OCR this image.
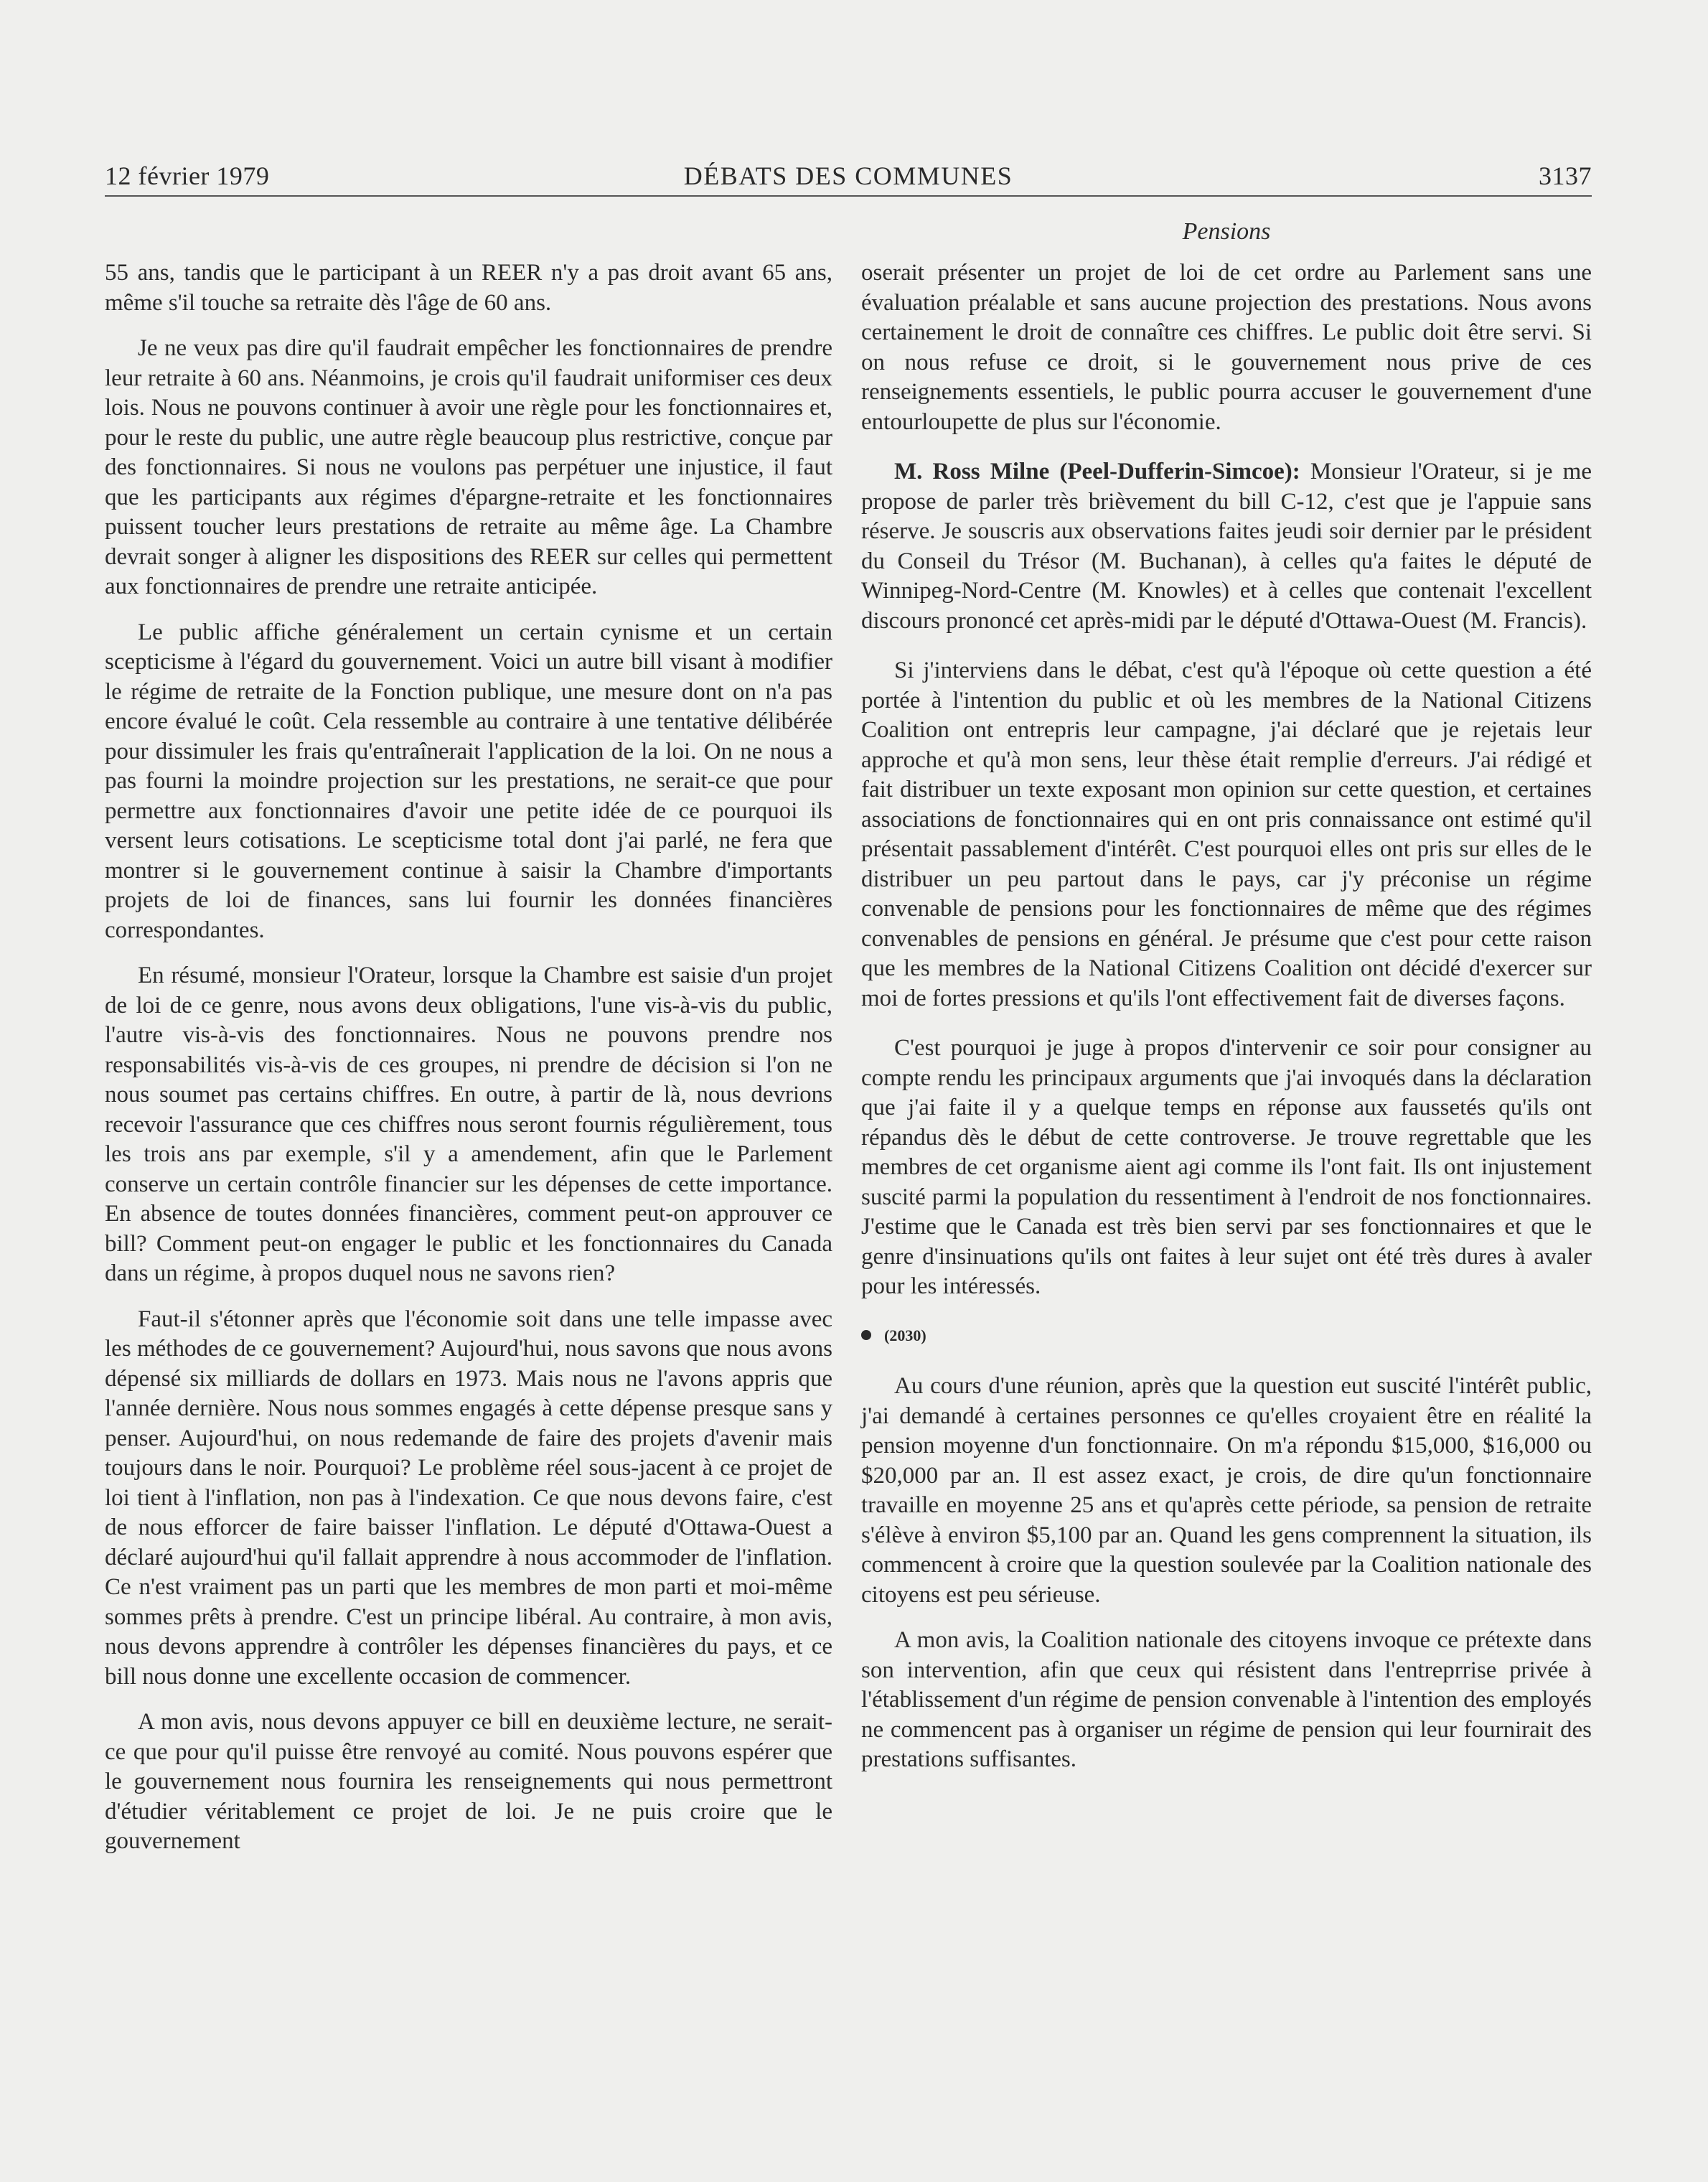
12 février 1979	DÉBATS DES COMMUNES	3137
Pensions

55 ans, tandis que le participant à un REER n'y a pas droit avant 65 ans, même s'il touche sa retraite dès l'âge de 60 ans.

Je ne veux pas dire qu'il faudrait empêcher les fonctionnaires de prendre leur retraite à 60 ans. Néanmoins, je crois qu'il faudrait uniformiser ces deux lois. Nous ne pouvons continuer à avoir une règle pour les fonctionnaires et, pour le reste du public, une autre règle beaucoup plus restrictive, conçue par des fonctionnaires. Si nous ne voulons pas perpétuer une injustice, il faut que les participants aux régimes d'épargne-retraite et les fonctionnaires puissent toucher leurs prestations de retraite au même âge. La Chambre devrait songer à aligner les dispositions des REER sur celles qui permettent aux fonctionnaires de prendre une retraite anticipée.

Le public affiche généralement un certain cynisme et un certain scepticisme à l'égard du gouvernement. Voici un autre bill visant à modifier le régime de retraite de la Fonction publique, une mesure dont on n'a pas encore évalué le coût. Cela ressemble au contraire à une tentative délibérée pour dissimuler les frais qu'entraînerait l'application de la loi. On ne nous a pas fourni la moindre projection sur les prestations, ne serait-ce que pour permettre aux fonctionnaires d'avoir une petite idée de ce pourquoi ils versent leurs cotisations. Le scepticisme total dont j'ai parlé, ne fera que montrer si le gouvernement continue à saisir la Chambre d'importants projets de loi de finances, sans lui fournir les données financières correspondantes.

En résumé, monsieur l'Orateur, lorsque la Chambre est saisie d'un projet de loi de ce genre, nous avons deux obligations, l'une vis-à-vis du public, l'autre vis-à-vis des fonctionnaires. Nous ne pouvons prendre nos responsabilités vis-à-vis de ces groupes, ni prendre de décision si l'on ne nous soumet pas certains chiffres. En outre, à partir de là, nous devrions recevoir l'assurance que ces chiffres nous seront fournis régulièrement, tous les trois ans par exemple, s'il y a amendement, afin que le Parlement conserve un certain contrôle financier sur les dépenses de cette importance. En absence de toutes données financières, comment peut-on approuver ce bill? Comment peut-on engager le public et les fonctionnaires du Canada dans un régime, à propos duquel nous ne savons rien?

Faut-il s'étonner après que l'économie soit dans une telle impasse avec les méthodes de ce gouvernement? Aujourd'hui, nous savons que nous avons dépensé six milliards de dollars en 1973. Mais nous ne l'avons appris que l'année dernière. Nous nous sommes engagés à cette dépense presque sans y penser. Aujourd'hui, on nous redemande de faire des projets d'avenir mais toujours dans le noir. Pourquoi? Le problème réel sous-jacent à ce projet de loi tient à l'inflation, non pas à l'indexation. Ce que nous devons faire, c'est de nous efforcer de faire baisser l'inflation. Le député d'Ottawa-Ouest a déclaré aujourd'hui qu'il fallait apprendre à nous accommoder de l'inflation. Ce n'est vraiment pas un parti que les membres de mon parti et moi-même sommes prêts à prendre. C'est un principe libéral. Au contraire, à mon avis, nous devons apprendre à contrôler les dépenses financières du pays, et ce bill nous donne une excellente occasion de commencer.

A mon avis, nous devons appuyer ce bill en deuxième lecture, ne serait-ce que pour qu'il puisse être renvoyé au comité. Nous pouvons espérer que le gouvernement nous fournira les renseignements qui nous permettront d'étudier véritablement ce projet de loi. Je ne puis croire que le gouvernement

oserait présenter un projet de loi de cet ordre au Parlement sans une évaluation préalable et sans aucune projection des prestations. Nous avons certainement le droit de connaître ces chiffres. Le public doit être servi. Si on nous refuse ce droit, si le gouvernement nous prive de ces renseignements essentiels, le public pourra accuser le gouvernement d'une entourloupette de plus sur l'économie.

M. Ross Milne (Peel-Dufferin-Simcoe): Monsieur l'Orateur, si je me propose de parler très brièvement du bill C-12, c'est que je l'appuie sans réserve. Je souscris aux observations faites jeudi soir dernier par le président du Conseil du Trésor (M. Buchanan), à celles qu'a faites le député de Winnipeg-Nord-Centre (M. Knowles) et à celles que contenait l'excellent discours prononcé cet après-midi par le député d'Ottawa-Ouest (M. Francis).

Si j'interviens dans le débat, c'est qu'à l'époque où cette question a été portée à l'intention du public et où les membres de la National Citizens Coalition ont entrepris leur campagne, j'ai déclaré que je rejetais leur approche et qu'à mon sens, leur thèse était remplie d'erreurs. J'ai rédigé et fait distribuer un texte exposant mon opinion sur cette question, et certaines associations de fonctionnaires qui en ont pris connaissance ont estimé qu'il présentait passablement d'intérêt. C'est pourquoi elles ont pris sur elles de le distribuer un peu partout dans le pays, car j'y préconise un régime convenable de pensions pour les fonctionnaires de même que des régimes convenables de pensions en général. Je présume que c'est pour cette raison que les membres de la National Citizens Coalition ont décidé d'exercer sur moi de fortes pressions et qu'ils l'ont effectivement fait de diverses façons.

C'est pourquoi je juge à propos d'intervenir ce soir pour consigner au compte rendu les principaux arguments que j'ai invoqués dans la déclaration que j'ai faite il y a quelque temps en réponse aux faussetés qu'ils ont répandus dès le début de cette controverse. Je trouve regrettable que les membres de cet organisme aient agi comme ils l'ont fait. Ils ont injustement suscité parmi la population du ressentiment à l'endroit de nos fonctionnaires. J'estime que le Canada est très bien servi par ses fonctionnaires et que le genre d'insinuations qu'ils ont faites à leur sujet ont été très dures à avaler pour les intéressés.

(2030)

Au cours d'une réunion, après que la question eut suscité l'intérêt public, j'ai demandé à certaines personnes ce qu'elles croyaient être en réalité la pension moyenne d'un fonctionnaire. On m'a répondu $15,000, $16,000 ou $20,000 par an. Il est assez exact, je crois, de dire qu'un fonctionnaire travaille en moyenne 25 ans et qu'après cette période, sa pension de retraite s'élève à environ $5,100 par an. Quand les gens comprennent la situation, ils commencent à croire que la question soulevée par la Coalition nationale des citoyens est peu sérieuse.

A mon avis, la Coalition nationale des citoyens invoque ce prétexte dans son intervention, afin que ceux qui résistent dans l'entreprrise privée à l'établissement d'un régime de pension convenable à l'intention des employés ne commencent pas à organiser un régime de pension qui leur fournirait des prestations suffisantes.
